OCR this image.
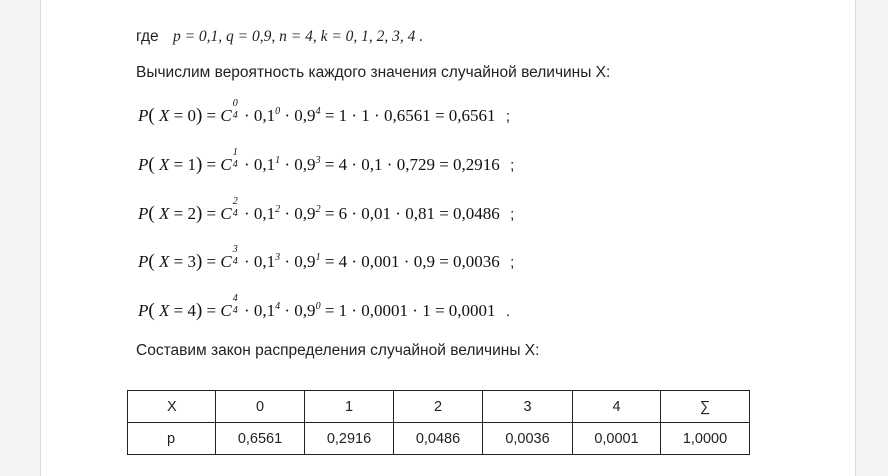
где p = 0,1, q = 0,9, n = 4, k = 0, 1, 2, 3, 4 .
Вычислим вероятность каждого значения случайной величины Х:
P( X = 0) = C
0
$4 \cdot 0,1^0 \cdot 0,9^4 = 1 \cdot 1 \cdot 0,6561 = 0,6561$ ;
P( X = 1) = C
1
$4 \cdot 0,1^1 \cdot 0,9^3 = 4 \cdot 0,1 \cdot 0,729 = 0,2916$ ;
P( X = 2) = C
2
$4 \cdot 0,1^2 \cdot 0,9^2 = 6 \cdot 0,01 \cdot 0,81 = 0,0486$ ;
P( X = 3) = C
3
$4 \cdot 0,1^3 \cdot 0,9^1 = 4 \cdot 0,001 \cdot 0,9 = 0,0036$ ;
P( X = 4) = C
4
$4 \cdot 0,1^4 \cdot 0,9^0 = 1 \cdot 0,0001 \cdot 1 = 0,0001$ .
Составим закон распределения случайной величины Х:
Х	0	1	2	3	4	∑
р	0,6561	0,2916	0,0486	0,0036	0,0001	1,0000
